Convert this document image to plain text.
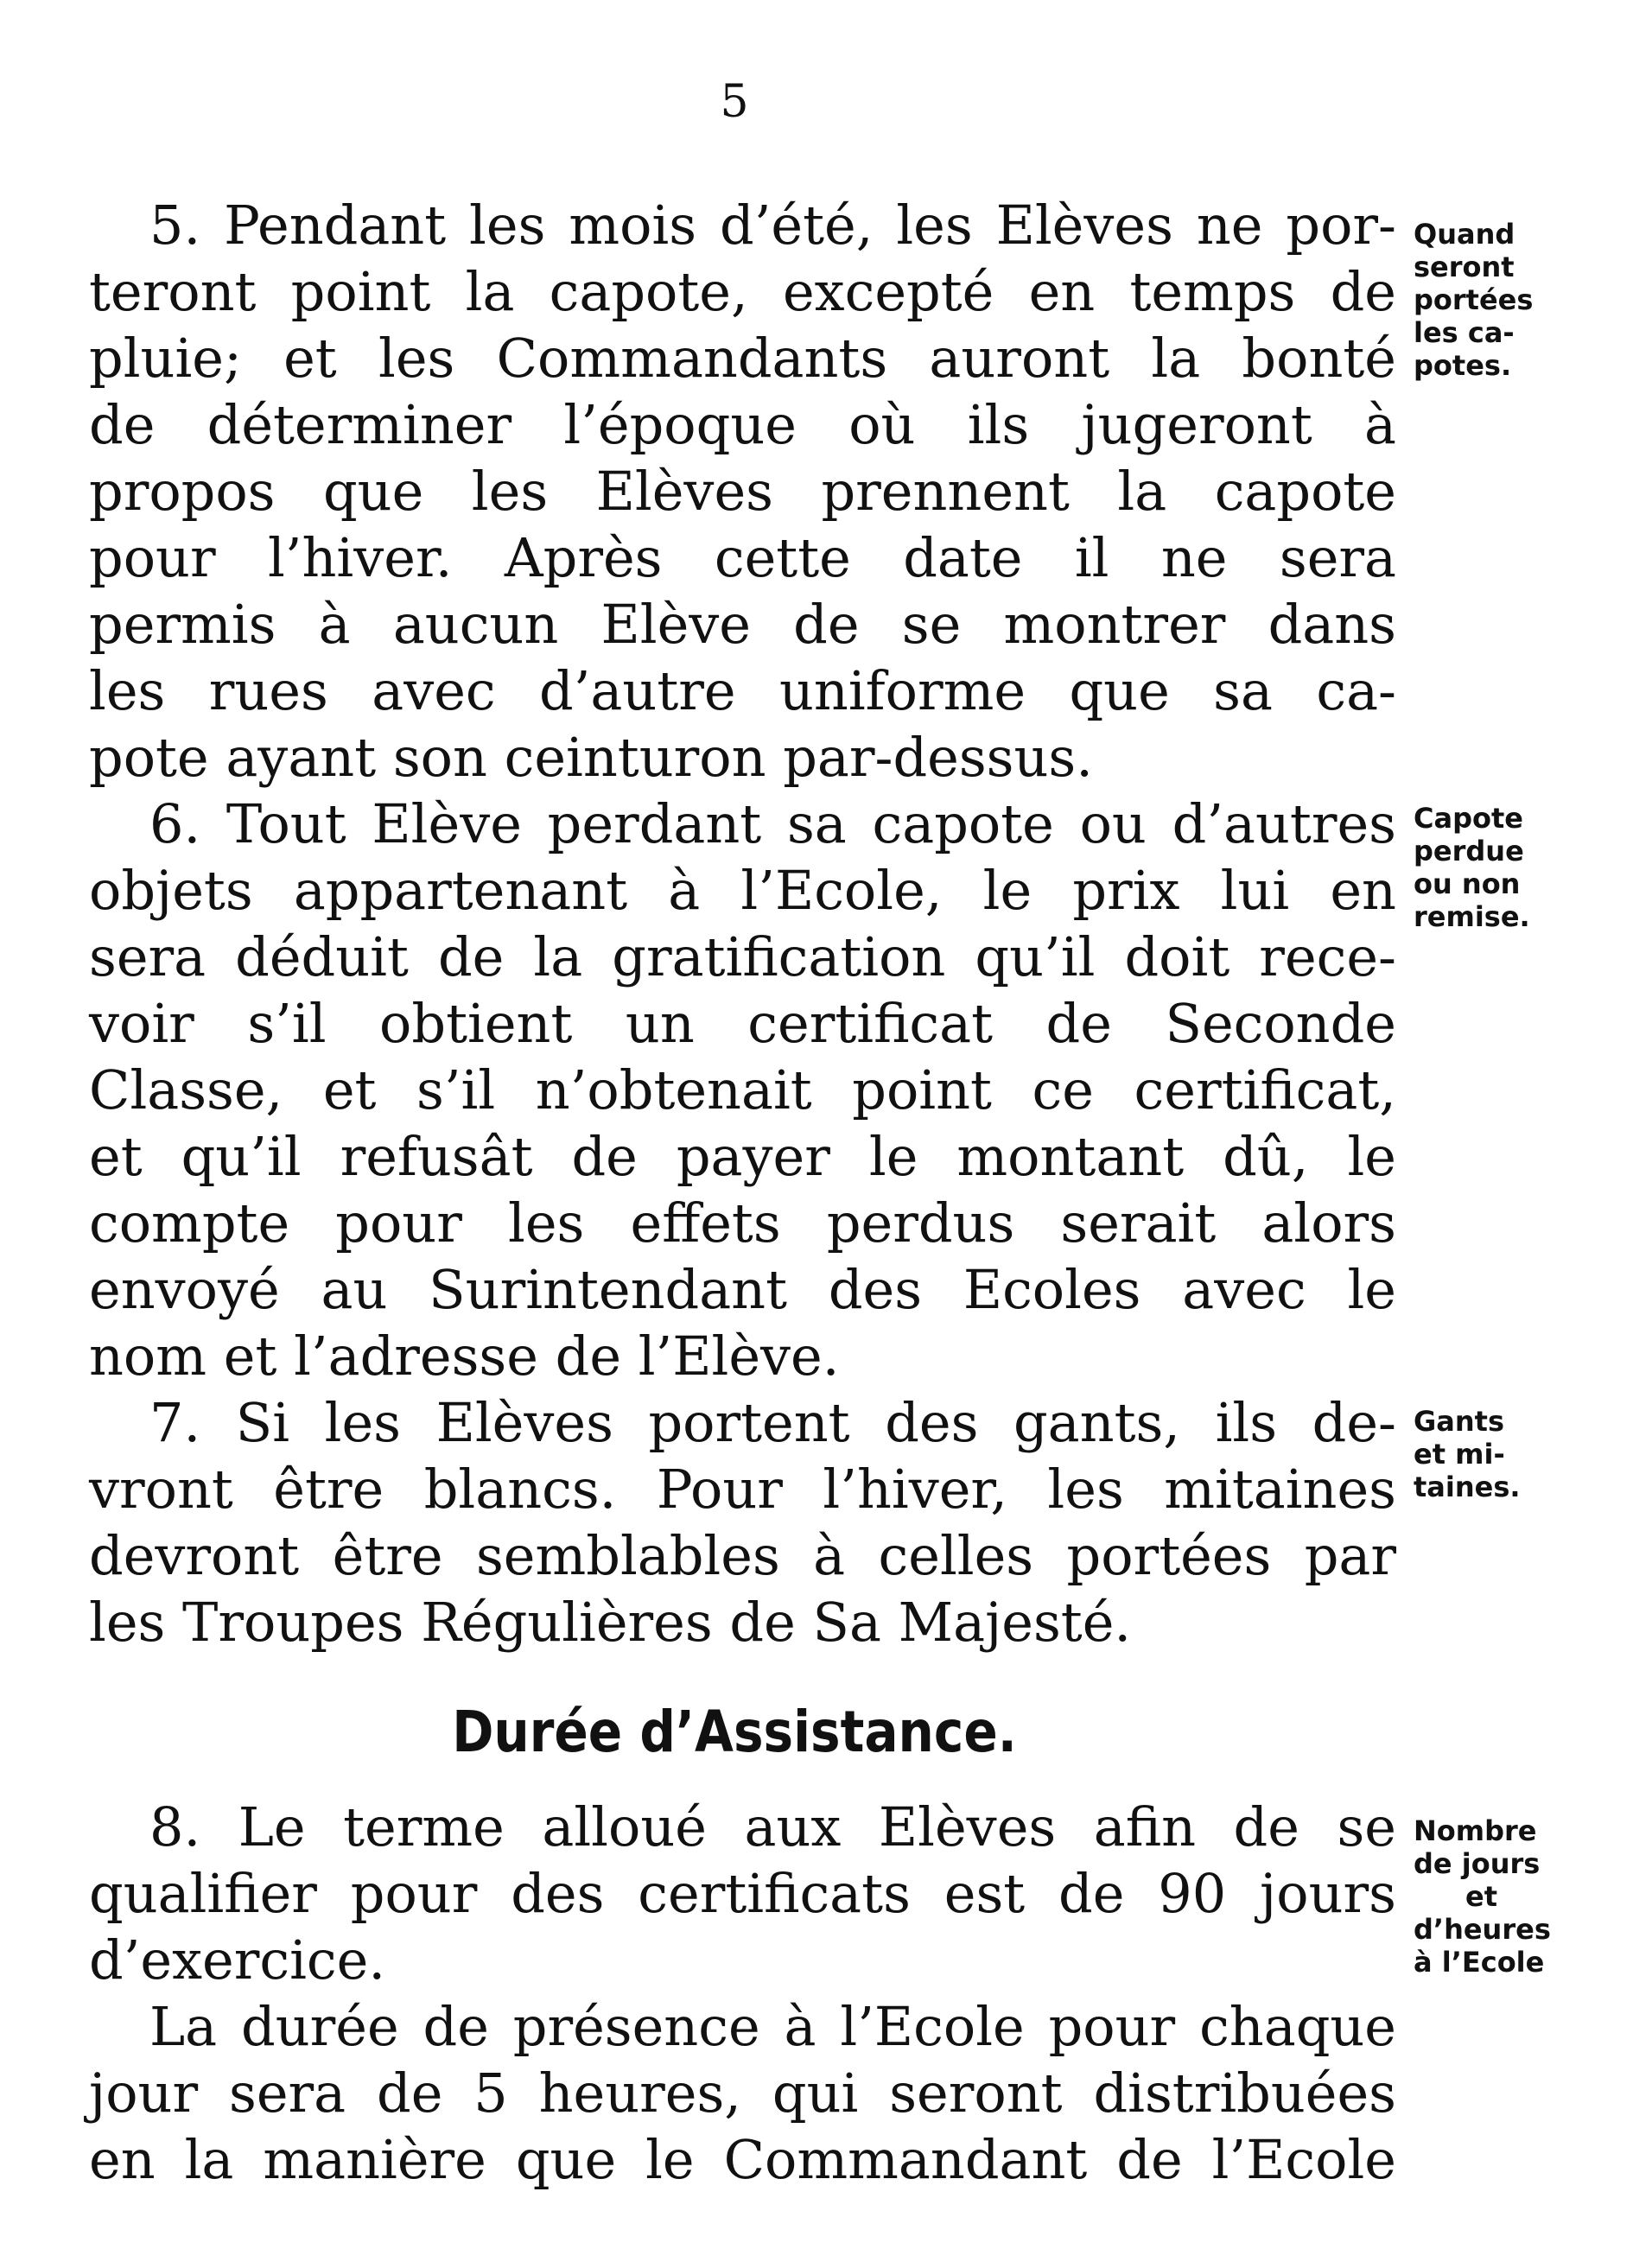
5
5. Pendant les mois d’été, les Elèves ne por-
teront point la capote, excepté en temps de
pluie; et les Commandants auront la bonté
de déterminer l’époque où ils jugeront à
propos que les Elèves prennent la capote
pour l’hiver. Après cette date il ne sera
permis à aucun Elève de se montrer dans
les rues avec d’autre uniforme que sa ca-
pote ayant son ceinturon par-dessus.
6. Tout Elève perdant sa capote ou d’autres
objets appartenant à l’Ecole, le prix lui en
sera déduit de la gratification qu’il doit rece-
voir s’il obtient un certificat de Seconde
Classe, et s’il n’obtenait point ce certificat,
et qu’il refusât de payer le montant dû, le
compte pour les effets perdus serait alors
envoyé au Surintendant des Ecoles avec le
nom et l’adresse de l’Elève.
7. Si les Elèves portent des gants, ils de-
vront être blancs. Pour l’hiver, les mitaines
devront être semblables à celles portées par
les Troupes Régulières de Sa Majesté.
Durée d’Assistance.
8. Le terme alloué aux Elèves afin de se
qualifier pour des certificats est de 90 jours
d’exercice.
La durée de présence à l’Ecole pour chaque
jour sera de 5 heures, qui seront distribuées
en la manière que le Commandant de l’Ecole
Quand
seront
portées
les ca-
potes.
Capote
perdue
ou non
remise.
Gants
et mi-
taines.
Nombre
de jours
et
d’heures
à l’Ecole
